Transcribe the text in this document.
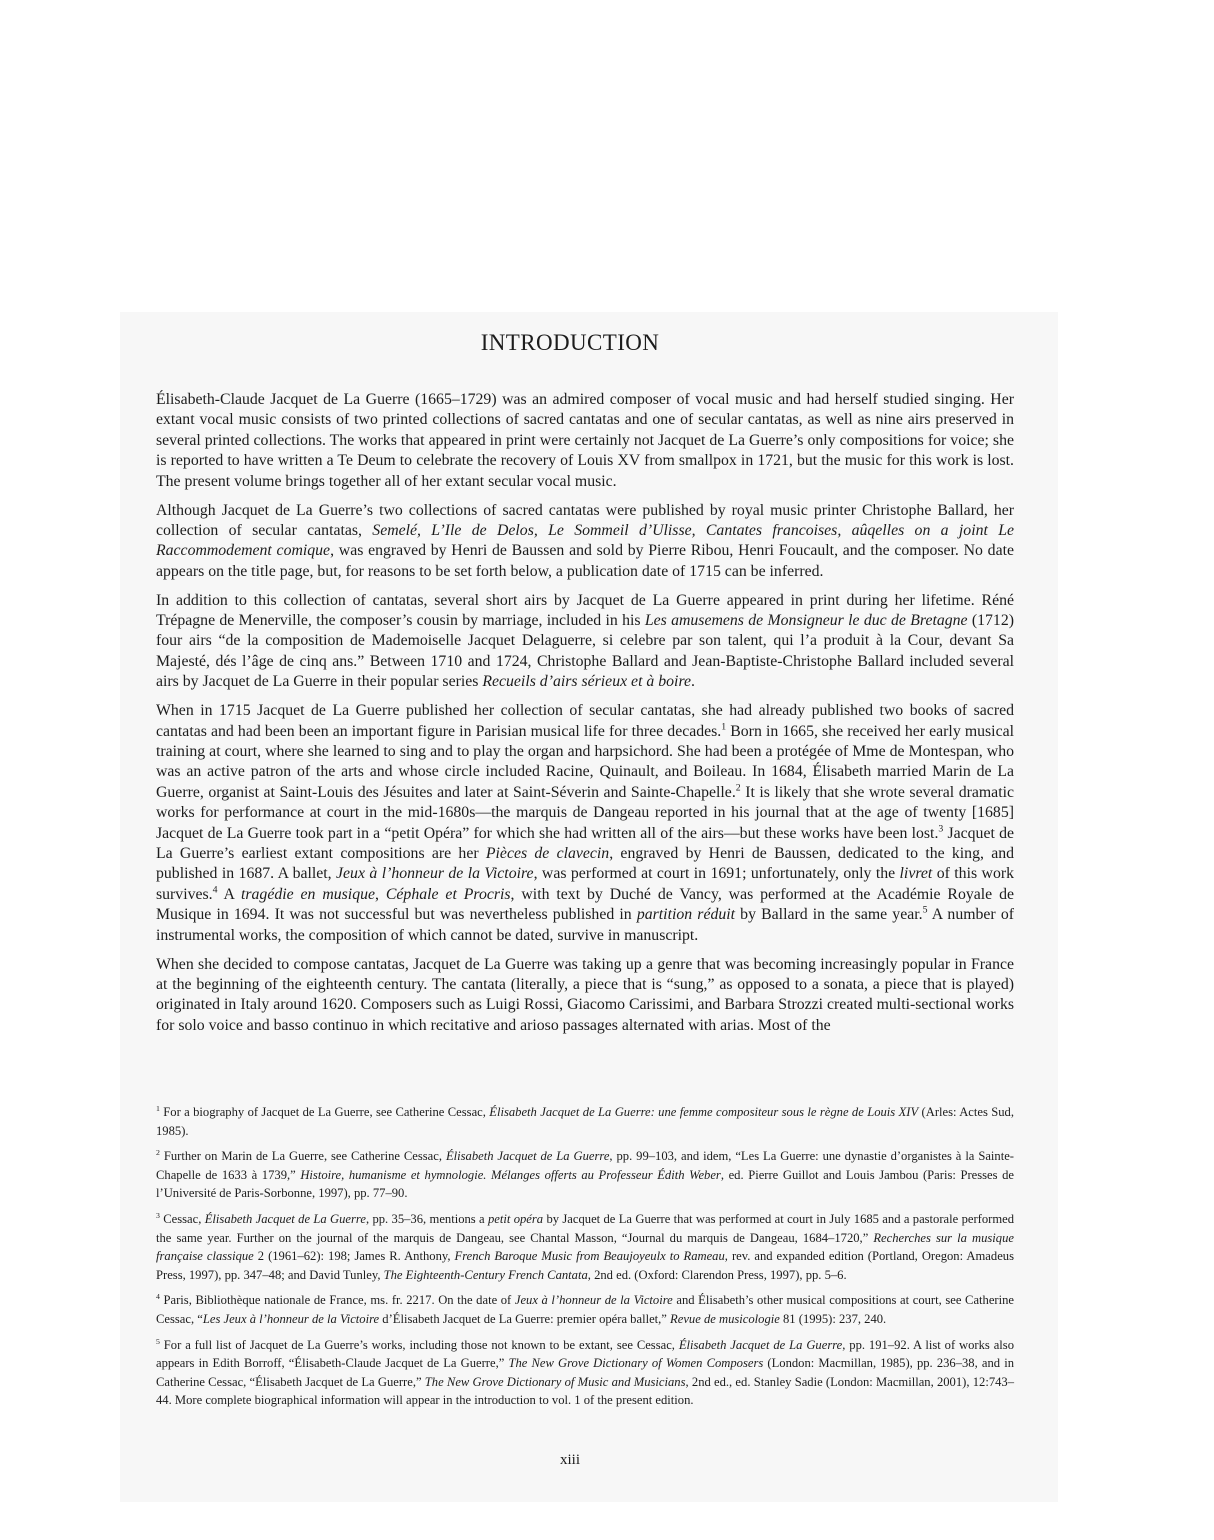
INTRODUCTION

Élisabeth-Claude Jacquet de La Guerre (1665–1729) was an admired composer of vocal music and had herself studied singing. Her extant vocal music consists of two printed collections of sacred cantatas and one of secular cantatas, as well as nine airs preserved in several printed collections. The works that appeared in print were certainly not Jacquet de La Guerre’s only compositions for voice; she is reported to have written a Te Deum to celebrate the recovery of Louis XV from smallpox in 1721, but the music for this work is lost. The present volume brings together all of her extant secular vocal music.

Although Jacquet de La Guerre’s two collections of sacred cantatas were published by royal music printer Christophe Ballard, her collection of secular cantatas, Semelé, L’Ile de Delos, Le Sommeil d’Ulisse, Cantates francoises, aûqelles on a joint Le Raccommodement comique, was engraved by Henri de Baussen and sold by Pierre Ribou, Henri Foucault, and the composer. No date appears on the title page, but, for reasons to be set forth below, a publication date of 1715 can be inferred.

In addition to this collection of cantatas, several short airs by Jacquet de La Guerre appeared in print during her lifetime. Réné Trépagne de Menerville, the composer’s cousin by marriage, included in his Les amusemens de Monsigneur le duc de Bretagne (1712) four airs “de la composition de Mademoiselle Jacquet Delaguerre, si celebre par son talent, qui l’a produit à la Cour, devant Sa Majesté, dés l’âge de cinq ans.” Between 1710 and 1724, Christophe Ballard and Jean-Baptiste-Christophe Ballard included several airs by Jacquet de La Guerre in their popular series Recueils d’airs sérieux et à boire.

When in 1715 Jacquet de La Guerre published her collection of secular cantatas, she had already published two books of sacred cantatas and had been been an important figure in Parisian musical life for three decades.$^1$ Born in 1665, she received her early musical training at court, where she learned to sing and to play the organ and harpsichord. She had been a protégée of Mme de Montespan, who was an active patron of the arts and whose circle included Racine, Quinault, and Boileau. In 1684, Élisabeth married Marin de La Guerre, organist at Saint-Louis des Jésuites and later at Saint-Séverin and Sainte-Chapelle.$^2$ It is likely that she wrote several dramatic works for performance at court in the mid-1680s—the marquis de Dangeau reported in his journal that at the age of twenty [1685] Jacquet de La Guerre took part in a “petit Opéra” for which she had written all of the airs—but these works have been lost.$^3$ Jacquet de La Guerre’s earliest extant compositions are her Pièces de clavecin, engraved by Henri de Baussen, dedicated to the king, and published in 1687. A ballet, Jeux à l’honneur de la Victoire, was performed at court in 1691; unfortunately, only the livret of this work survives.$^4$ A tragédie en musique, Céphale et Procris, with text by Duché de Vancy, was performed at the Académie Royale de Musique in 1694. It was not successful but was nevertheless published in partition réduit by Ballard in the same year.$^5$ A number of instrumental works, the composition of which cannot be dated, survive in manuscript.

When she decided to compose cantatas, Jacquet de La Guerre was taking up a genre that was becoming increasingly popular in France at the beginning of the eighteenth century. The cantata (literally, a piece that is “sung,” as opposed to a sonata, a piece that is played) originated in Italy around 1620. Composers such as Luigi Rossi, Giacomo Carissimi, and Barbara Strozzi created multi-sectional works for solo voice and basso continuo in which recitative and arioso passages alternated with arias. Most of the

$^1$ For a biography of Jacquet de La Guerre, see Catherine Cessac, Élisabeth Jacquet de La Guerre: une femme compositeur sous le règne de Louis XIV (Arles: Actes Sud, 1985).

$^2$ Further on Marin de La Guerre, see Catherine Cessac, Élisabeth Jacquet de La Guerre, pp. 99–103, and idem, “Les La Guerre: une dynastie d’organistes à la Sainte-Chapelle de 1633 à 1739,” Histoire, humanisme et hymnologie. Mélanges offerts au Professeur Édith Weber, ed. Pierre Guillot and Louis Jambou (Paris: Presses de l’Université de Paris-Sorbonne, 1997), pp. 77–90.

$^3$ Cessac, Élisabeth Jacquet de La Guerre, pp. 35–36, mentions a petit opéra by Jacquet de La Guerre that was performed at court in July 1685 and a pastorale performed the same year. Further on the journal of the marquis de Dangeau, see Chantal Masson, “Journal du marquis de Dangeau, 1684–1720,” Recherches sur la musique française classique 2 (1961–62): 198; James R. Anthony, French Baroque Music from Beaujoyeulx to Rameau, rev. and expanded edition (Portland, Oregon: Amadeus Press, 1997), pp. 347–48; and David Tunley, The Eighteenth-Century French Cantata, 2nd ed. (Oxford: Clarendon Press, 1997), pp. 5–6.

$^4$ Paris, Bibliothèque nationale de France, ms. fr. 2217. On the date of Jeux à l’honneur de la Victoire and Élisabeth’s other musical compositions at court, see Catherine Cessac, “Les Jeux à l’honneur de la Victoire d’Élisabeth Jacquet de La Guerre: premier opéra ballet,” Revue de musicologie 81 (1995): 237, 240.

$^5$ For a full list of Jacquet de La Guerre’s works, including those not known to be extant, see Cessac, Élisabeth Jacquet de La Guerre, pp. 191–92. A list of works also appears in Edith Borroff, “Élisabeth-Claude Jacquet de La Guerre,” The New Grove Dictionary of Women Composers (London: Macmillan, 1985), pp. 236–38, and in Catherine Cessac, “Élisabeth Jacquet de La Guerre,” The New Grove Dictionary of Music and Musicians, 2nd ed., ed. Stanley Sadie (London: Macmillan, 2001), 12:743–44. More complete biographical information will appear in the introduction to vol. 1 of the present edition.

xiii
